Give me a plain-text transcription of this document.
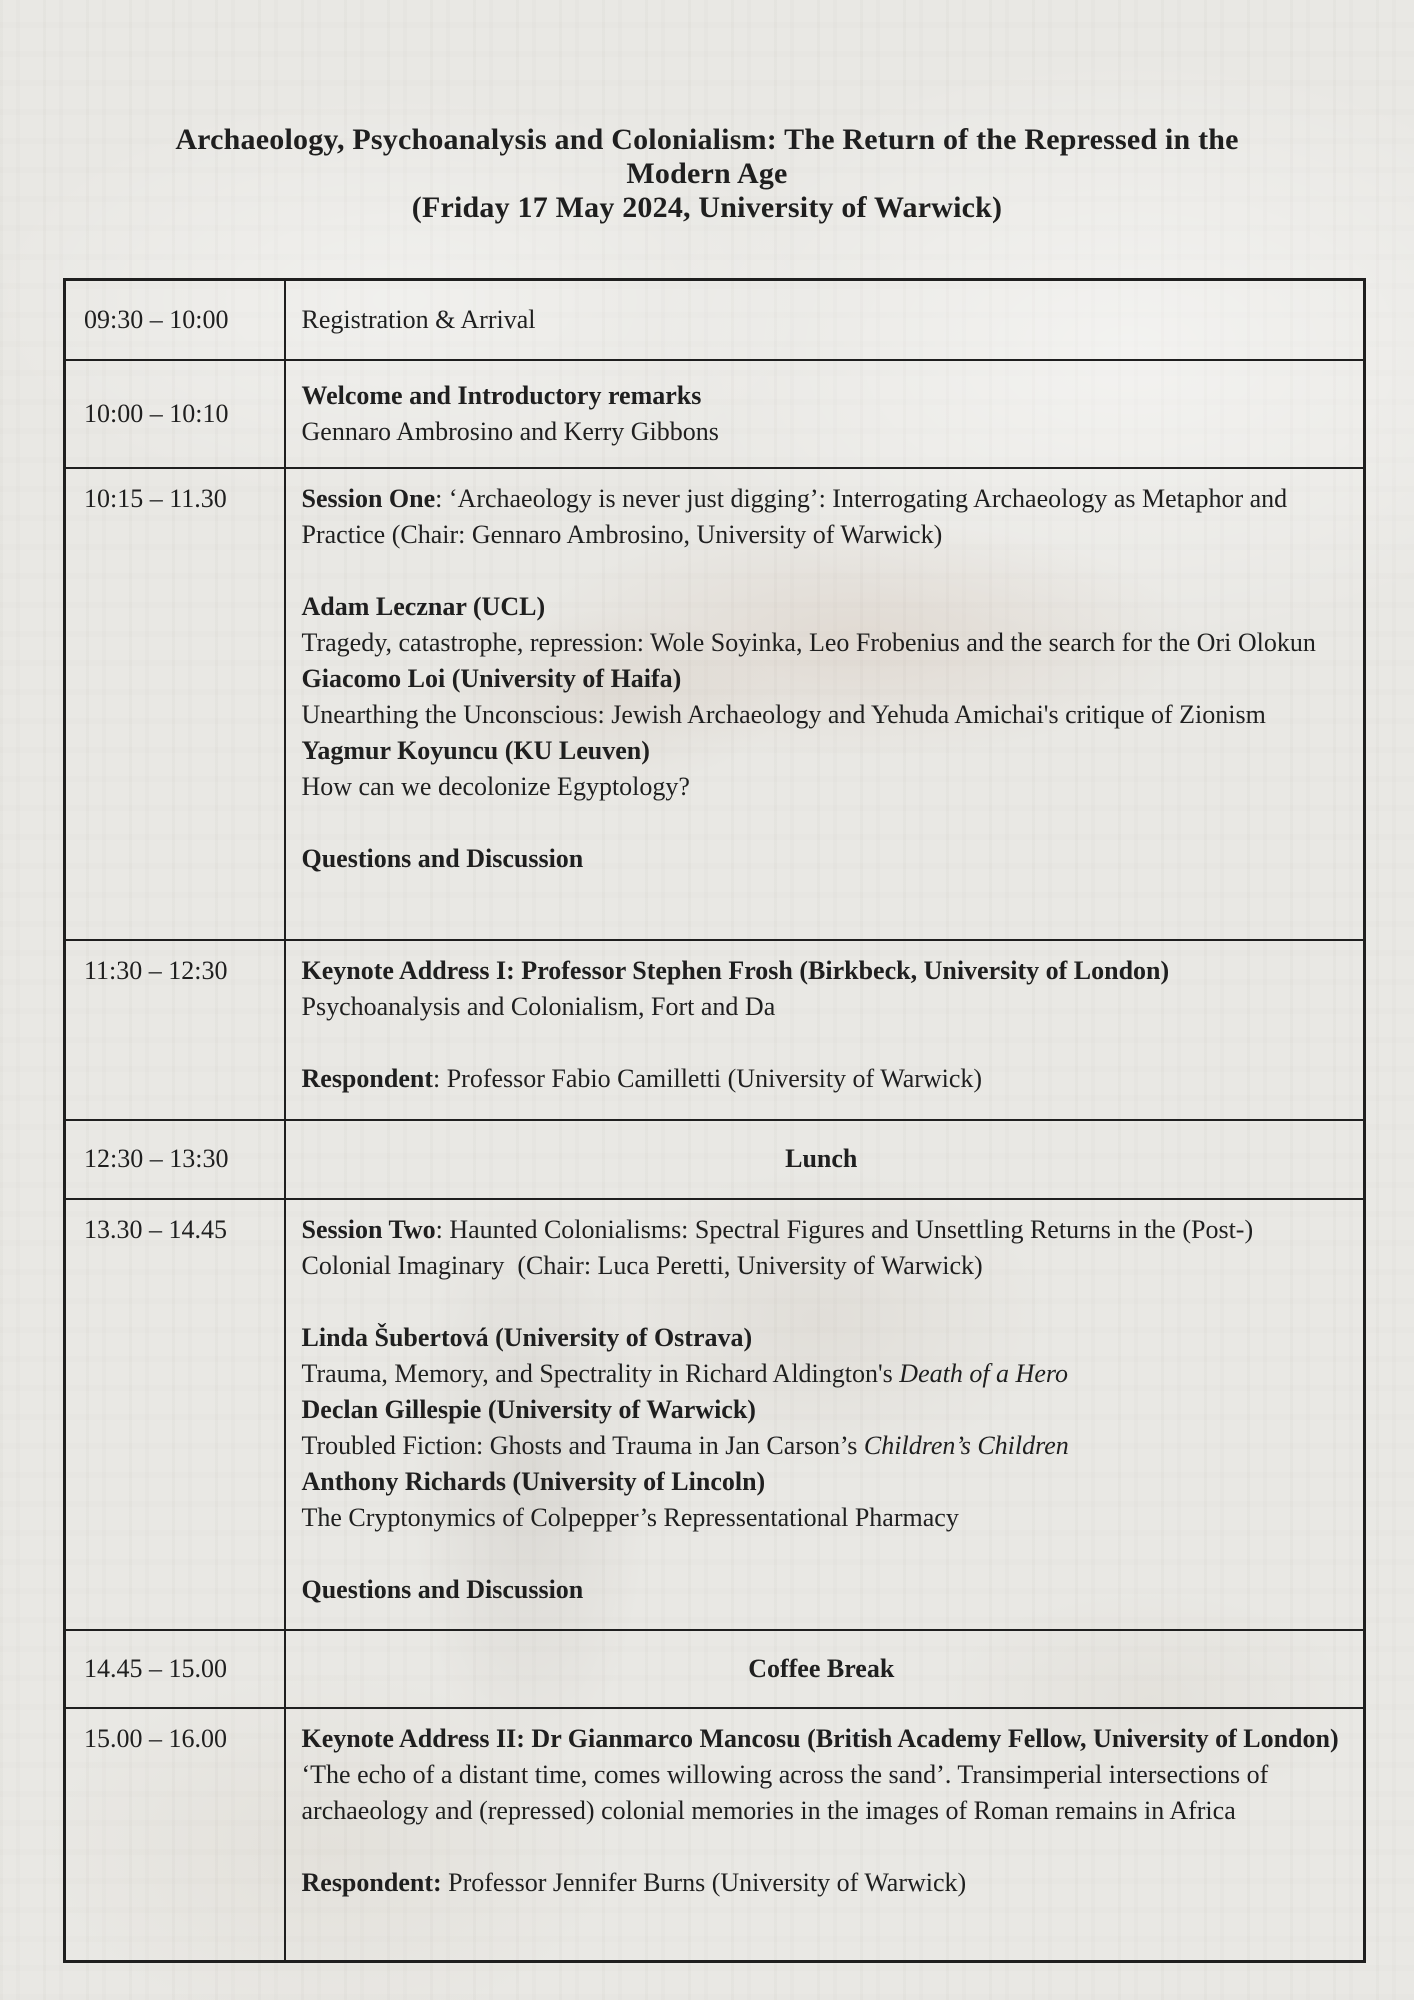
Archaeology, Psychoanalysis and Colonialism: The Return of the Repressed in the
Modern Age
(Friday 17 May 2024, University of Warwick)
09:30 – 10:00	Registration & Arrival

10:00 – 10:10	Welcome and Introductory remarks
Gennaro Ambrosino and Kerry Gibbons

10:15 – 11.30	Session One: ‘Archaeology is never just digging’: Interrogating Archaeology as Metaphor and Practice (Chair: Gennaro Ambrosino, University of Warwick)

Adam Lecznar (UCL)
Tragedy, catastrophe, repression: Wole Soyinka, Leo Frobenius and the search for the Ori Olokun
Giacomo Loi (University of Haifa)
Unearthing the Unconscious: Jewish Archaeology and Yehuda Amichai's critique of Zionism
Yagmur Koyuncu (KU Leuven)
How can we decolonize Egyptology?

Questions and Discussion

11:30 – 12:30	Keynote Address I: Professor Stephen Frosh (Birkbeck, University of London)
Psychoanalysis and Colonialism, Fort and Da

Respondent: Professor Fabio Camilletti (University of Warwick)

12:30 – 13:30	Lunch

13.30 – 14.45	Session Two: Haunted Colonialisms: Spectral Figures and Unsettling Returns in the (Post-) Colonial Imaginary  (Chair: Luca Peretti, University of Warwick)

Linda Šubertová (University of Ostrava)
Trauma, Memory, and Spectrality in Richard Aldington's Death of a Hero
Declan Gillespie (University of Warwick)
Troubled Fiction: Ghosts and Trauma in Jan Carson’s Children’s Children
Anthony Richards (University of Lincoln)
The Cryptonymics of Colpepper’s Repressentational Pharmacy

Questions and Discussion

14.45 – 15.00	Coffee Break

15.00 – 16.00	Keynote Address II: Dr Gianmarco Mancosu (British Academy Fellow, University of London)
‘The echo of a distant time, comes willowing across the sand’. Transimperial intersections of archaeology and (repressed) colonial memories in the images of Roman remains in Africa

Respondent: Professor Jennifer Burns (University of Warwick)
